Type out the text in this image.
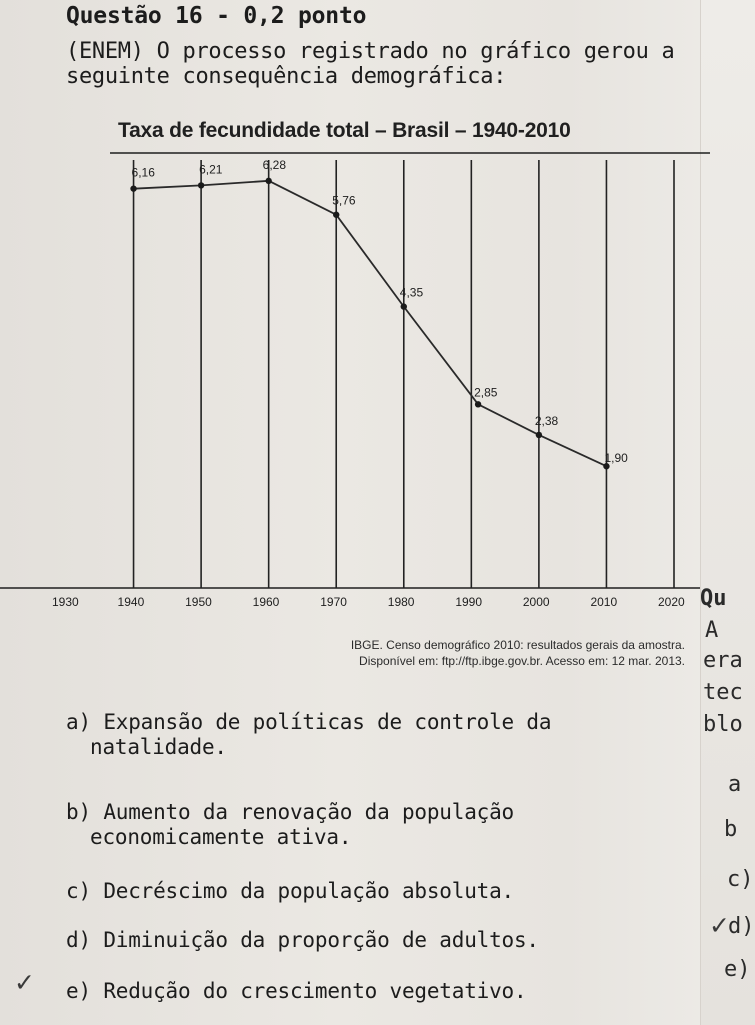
Questão 16 - 0,2 ponto
(ENEM) O processo registrado no gráfico gerou a
seguinte consequência demográfica:
Taxa de fecundidade total – Brasil – 1940-2010
1930	1940	1950	1960	1970	1980	1990	2000	2010	2020
6,16	6,21	6,28
5,76
4,35
2,85
2,38
1,90
IBGE. Censo demográfico 2010: resultados gerais da amostra.
Disponível em: ftp://ftp.ibge.gov.br. Acesso em: 12 mar. 2013.
Qu
A
era
tec
blo
a
b
c)
d)
e)
✓
a) Expansão de políticas de controle da
natalidade.
b) Aumento da renovação da população
economicamente ativa.
c) Decréscimo da população absoluta.
d) Diminuição da proporção de adultos.
e) Redução do crescimento vegetativo.
✓
